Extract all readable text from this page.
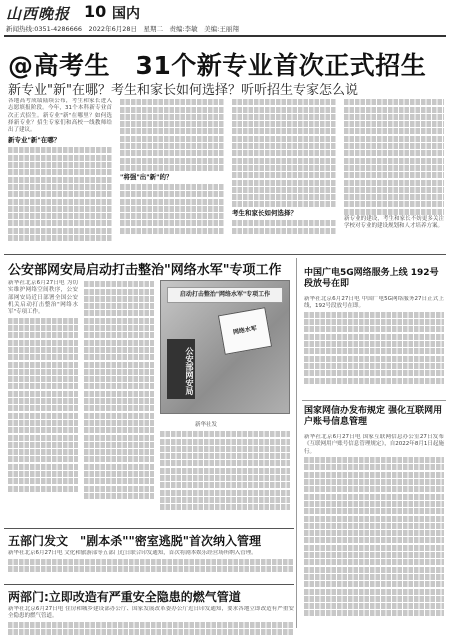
山西晚报 10 国内
新闻热线:0351-4286666　2022年6月28日　星期二　责编:李敏　美编:王丽翔
@高考生　31个新专业首次正式招生
新专业"新"在哪？考生和家长如何选择？听听招生专家怎么说
各地高考成绩陆续公布，考生和家长进入志愿填报阶段。今年，31个本科新专业首次正式招生。新专业"新"在哪里？如何选择新专业？招生专家们和高校一线教师给出了建议。
新专业"新"在哪？
"将强"出"新"的？
考生和家长如何选择？
新专业的建设，考生和家长不妨更多关注学校对专业的建设规划和人才培养方案。
公安部网安局启动打击整治"网络水军"专项工作
新华社北京6月27日电 为切实维护网络空间秩序，公安部网安局近日部署全国公安机关启动打击整治"网络水军"专项工作。
启动打击整治"网络水军"专项工作
网络水军
公安部网安局
新华社发
中国广电5G网络服务上线 192号段放号在即
新华社北京6月27日电 中国广电5G网络服务27日正式上线，192号段放号在即。
国家网信办发布规定 强化互联网用户账号信息管理
新华社北京6月27日电 国家互联网信息办公室27日发布《互联网用户账号信息管理规定》，自2022年8月1日起施行。
五部门发文　"剧本杀""密室逃脱"首次纳入管理
新华社北京6月27日电 文化和旅游部等五部门近日联合印发通知，首次将剧本娱乐经营场所纳入管理。
两部门:立即改造有严重安全隐患的燃气管道
新华社北京6月27日电 住房和城乡建设部办公厅、国家发展改革委办公厅近日印发通知，要求各地立即改造有严重安全隐患的燃气管道。
